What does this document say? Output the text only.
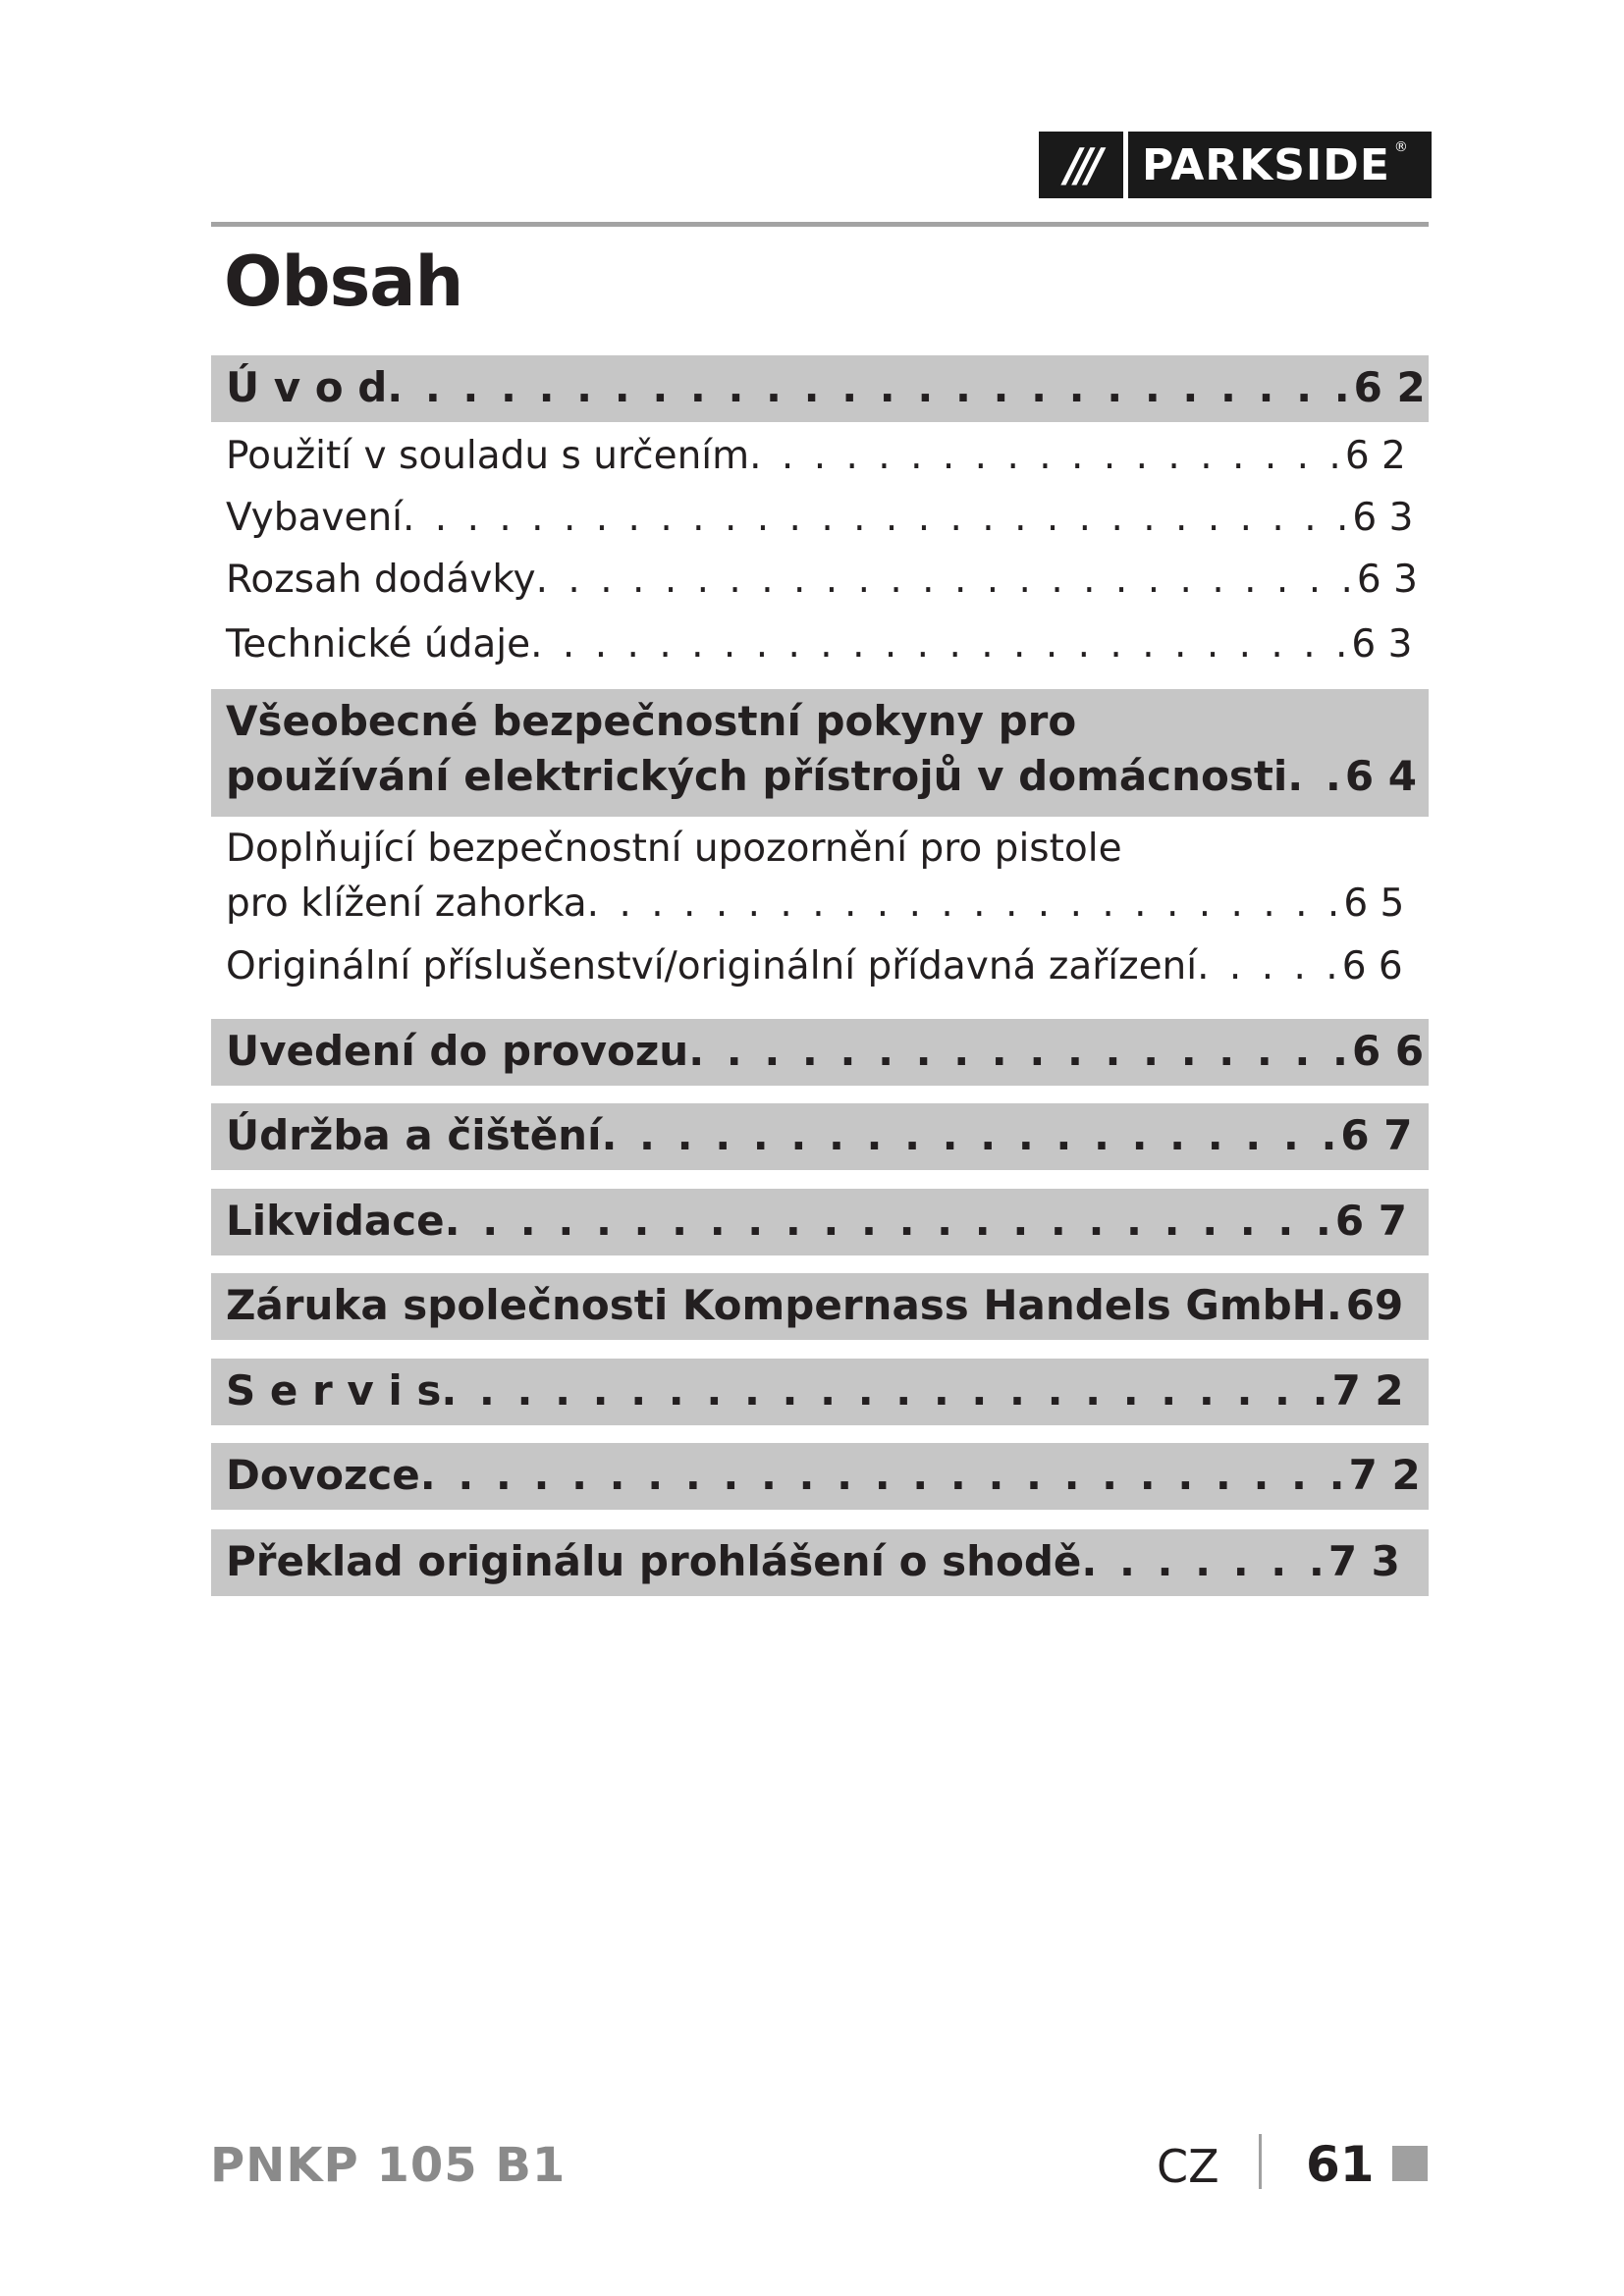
///	PARKSIDE ®
Obsah
Ú v o d . . . . . . . . . . . . . . . . . . . . . . . . . . 6 2
Použití v souladu s určením . . . . . . . . . . . . . . . . . . . 6 2
Vybavení . . . . . . . . . . . . . . . . . . . . . . . . . . . . . . 6 3
Rozsah dodávky . . . . . . . . . . . . . . . . . . . . . . . . . . 6 3
Technické údaje . . . . . . . . . . . . . . . . . . . . . . . . . . 6 3
Všeobecné bezpečnostní pokyny pro
používání elektrických přístrojů v domácnosti . . 6 4
Doplňující bezpečnostní upozornění pro pistole
pro klížení zahorka . . . . . . . . . . . . . . . . . . . . . . . . 6 5
Originální příslušenství/originální přídavná zařízení . . . . . 6 6
Uvedení do provozu . . . . . . . . . . . . . . . . . . 6 6
Údržba a čištění . . . . . . . . . . . . . . . . . . . . 6 7
Likvidace . . . . . . . . . . . . . . . . . . . . . . . . 6 7
Záruka společnosti Kompernass Handels GmbH . 69
S e r v i s . . . . . . . . . . . . . . . . . . . . . . . . 7 2
Dovozce . . . . . . . . . . . . . . . . . . . . . . . . . 7 2
Překlad originálu prohlášení o shodě . . . . . . . 7 3
PNKP 105 B1	CZ 61
